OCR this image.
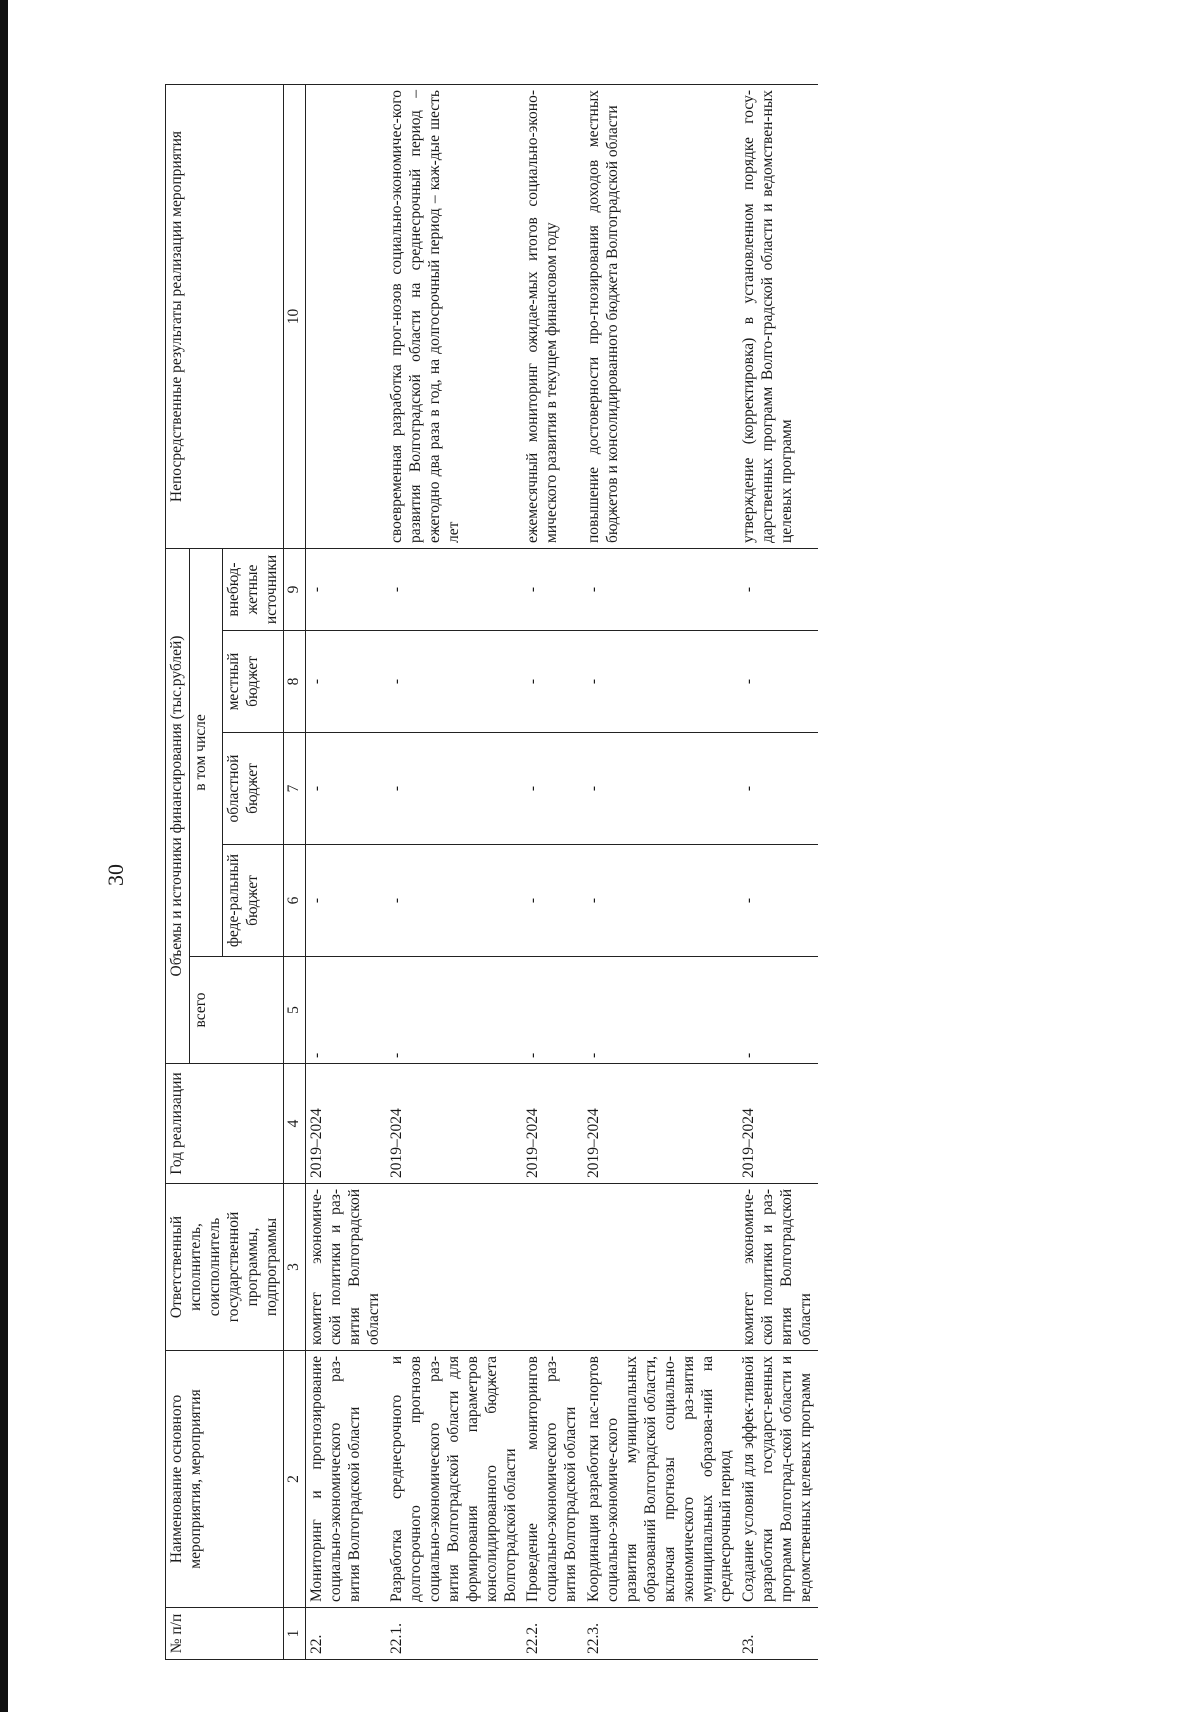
30
№ п/п	Наименование основного мероприятия, мероприятия	Ответственный исполнитель, соисполнитель государственной программы, подпрограммы	Год реализации	Объемы и источники финансирования (тыс.рублей)					Непосредственные результаты реализации мероприятия
				всего	в том числе				
					феде-ральный бюджет	областной бюджет	местный бюджет	внебюд-жетные источники	
1	2	3	4	5	6	7	8	9	10
22.	Мониторинг и прогнозирование социально-экономического раз-вития Волгоградской области	комитет экономиче-ской политики и раз-вития Волгоградской области	2019–2024	-	-	-	-	-	
22.1.	Разработка среднесрочного и долгосрочного прогнозов социально-экономического раз-вития Волгоградской области для формирования параметров консолидированного бюджета Волгоградской области		2019–2024	-	-	-	-	-	своевременная разработка прог-нозов социально-экономичес-кого развития Волгоградской области на среднесрочный период – ежегодно два раза в год, на долгосрочный период – каж-дые шесть лет
22.2.	Проведение мониторингов социально-экономического раз-вития Волгоградской области		2019–2024	-	-	-	-	-	ежемесячный мониторинг ожидае-мых итогов социально-эконо-мического развития в текущем финансовом году
22.3.	Координация разработки пас-портов социально-экономиче-ского развития муниципальных образований Волгоградской области, включая прогнозы социально-экономического раз-вития муниципальных образова-ний на среднесрочный период		2019–2024	-	-	-	-	-	повышение достоверности про-гнозирования доходов местных бюджетов и консолидированного бюджета Волгоградской области
23.	Создание условий для эффек-тивной разработки государст-венных программ Волгоград-ской области и ведомственных целевых программ	комитет экономиче-ской политики и раз-вития Волгоградской области	2019–2024	-	-	-	-	-	утверждение (корректировка) в установленном порядке госу-дарственных программ Волго-градской области и ведомствен-ных целевых программ
